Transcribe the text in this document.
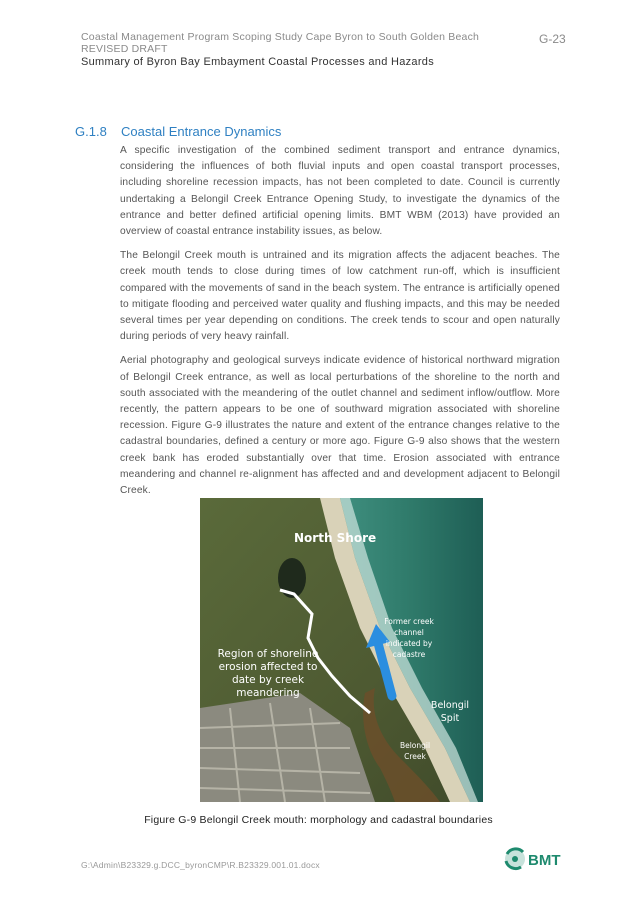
Coastal Management Program Scoping Study Cape Byron to South Golden Beach
REVISED DRAFT
G-23
Summary of Byron Bay Embayment Coastal Processes and Hazards
G.1.8 Coastal Entrance Dynamics

A specific investigation of the combined sediment transport and entrance dynamics, considering the influences of both fluvial inputs and open coastal transport processes, including shoreline recession impacts, has not been completed to date. Council is currently undertaking a Belongil Creek Entrance Opening Study, to investigate the dynamics of the entrance and better defined artificial opening limits. BMT WBM (2013) have provided an overview of coastal entrance instability issues, as below.

The Belongil Creek mouth is untrained and its migration affects the adjacent beaches. The creek mouth tends to close during times of low catchment run-off, which is insufficient compared with the movements of sand in the beach system. The entrance is artificially opened to mitigate flooding and perceived water quality and flushing impacts, and this may be needed several times per year depending on conditions. The creek tends to scour and open naturally during periods of very heavy rainfall.

Aerial photography and geological surveys indicate evidence of historical northward migration of Belongil Creek entrance, as well as local perturbations of the shoreline to the north and south associated with the meandering of the outlet channel and sediment inflow/outflow. More recently, the pattern appears to be one of southward migration associated with shoreline recession. Figure G-9 illustrates the nature and extent of the entrance changes relative to the cadastral boundaries, defined a century or more ago. Figure G-9 also shows that the western creek bank has eroded substantially over that time. Erosion associated with entrance meandering and channel re-alignment has affected and and development adjacent to Belongil Creek.

North Shore
Region of shoreline
erosion affected to
date by creek
meandering
Former creek
channel
indicated by
cadastre
Belongil
Spit
Belongil
Creek
Figure G-9 Belongil Creek mouth: morphology and cadastral boundaries
G:\Admin\B23329.g.DCC_byronCMP\R.B23329.001.01.docx	BMT
